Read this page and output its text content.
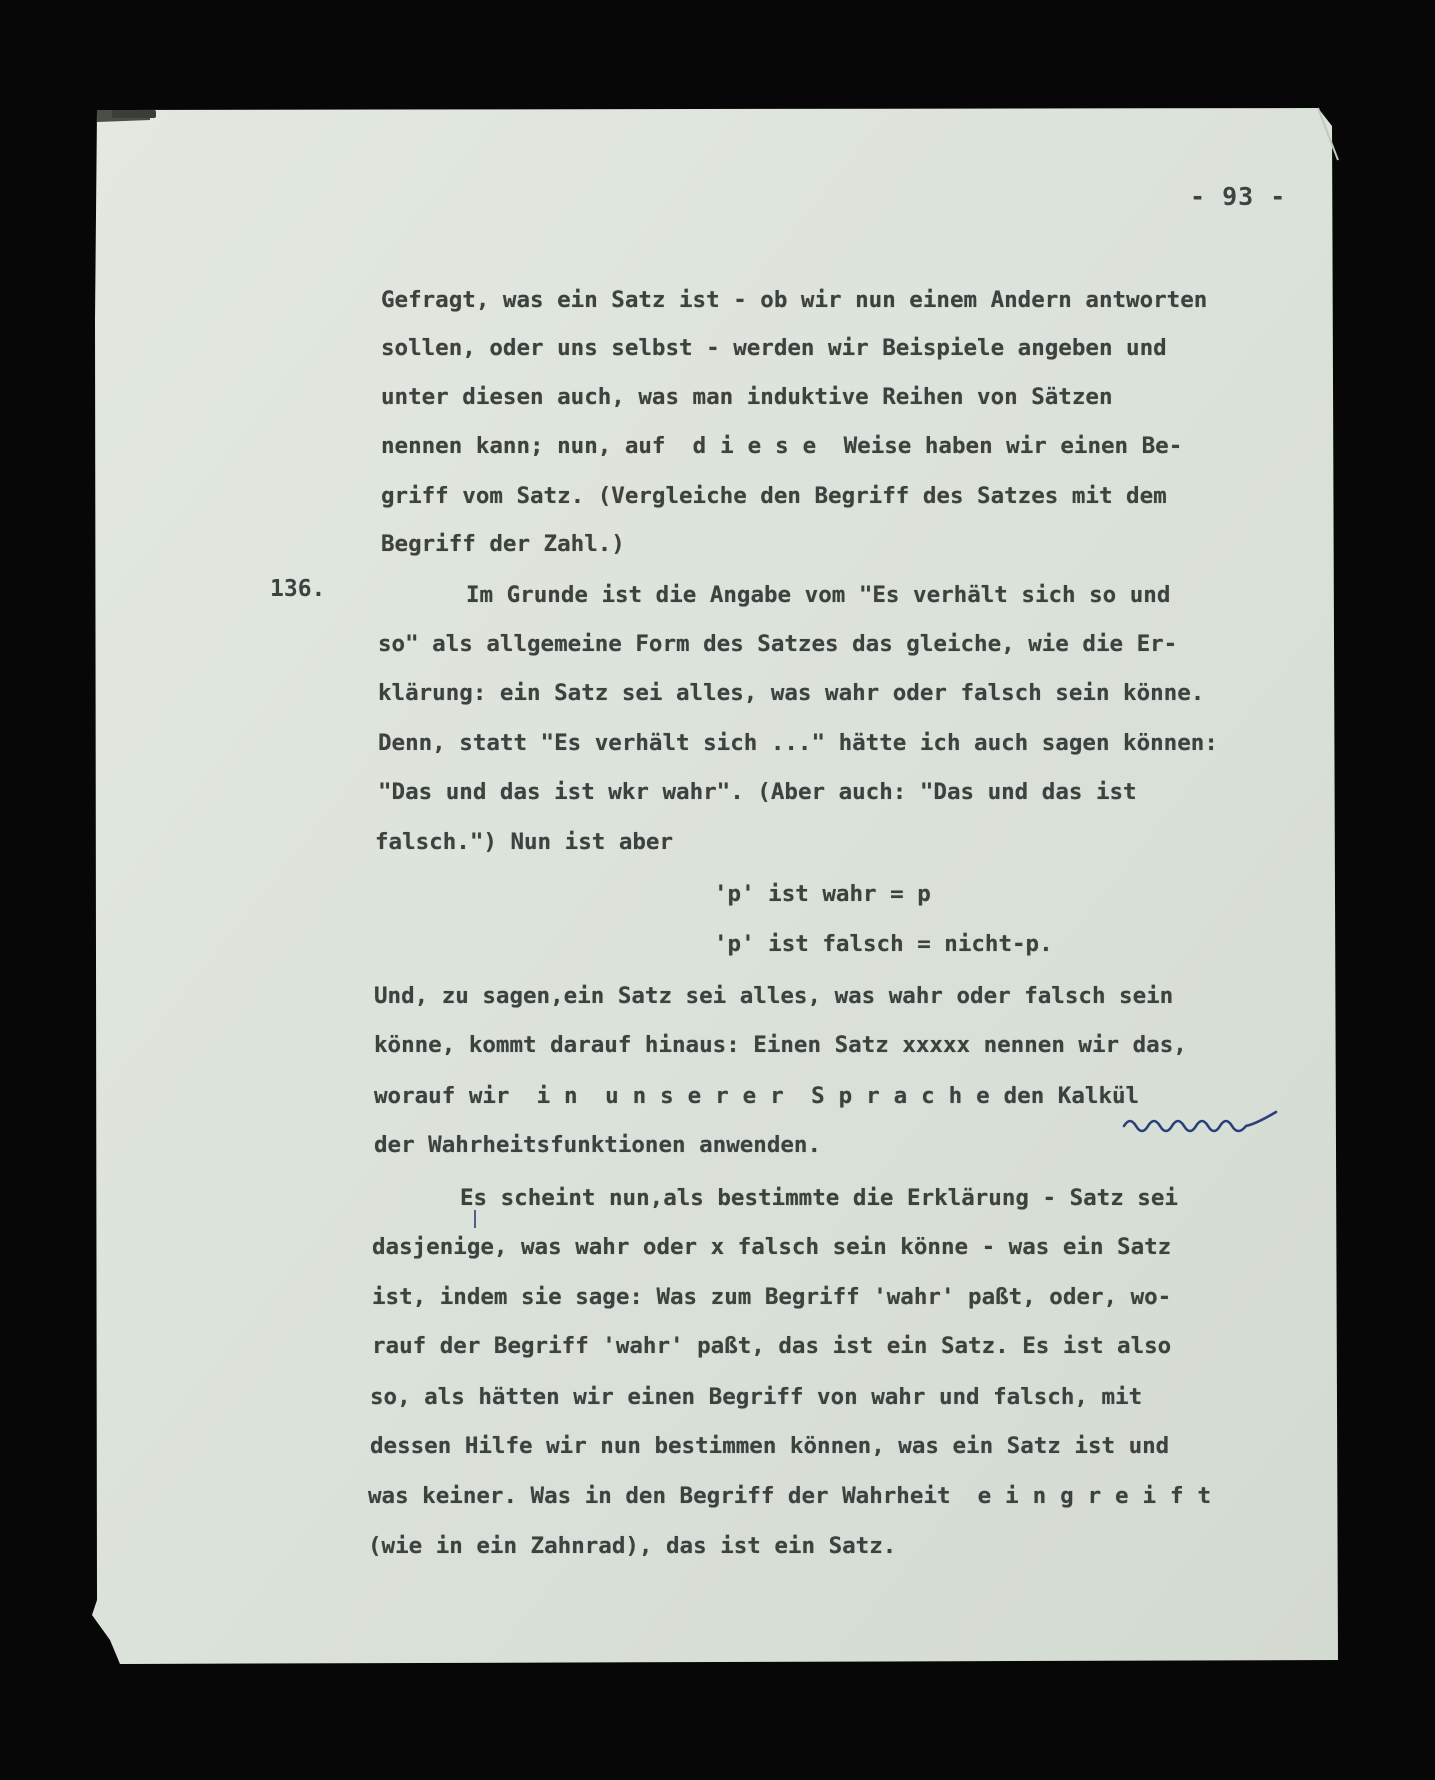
- 93 -

Gefragt, was ein Satz ist - ob wir nun einem Andern antworten

sollen, oder uns selbst - werden wir Beispiele angeben und

unter diesen auch, was man induktive Reihen von Sätzen

nennen kann; nun, auf diese Weise haben wir einen Be-

griff vom Satz. (Vergleiche den Begriff des Satzes mit dem

Begriff der Zahl.)

136.	Im Grunde ist die Angabe vom "Es verhält sich so und

so" als allgemeine Form des Satzes das gleiche, wie die Er-

klärung: ein Satz sei alles, was wahr oder falsch sein könne.

Denn, statt "Es verhält sich ..." hätte ich auch sagen können:

"Das und das ist wkr wahr". (Aber auch: "Das und das ist

falsch.") Nun ist aber

'p' ist wahr = p

'p' ist falsch = nicht-p.

Und, zu sagen,ein Satz sei alles, was wahr oder falsch sein

könne, kommt darauf hinaus: Einen Satz xxxxx nennen wir das,

worauf wir in unserer Spracheden Kalkül

der Wahrheitsfunktionen anwenden.

Es scheint nun,als bestimmte die Erklärung - Satz sei

dasjenige, was wahr oder x falsch sein könne - was ein Satz

ist, indem sie sage: Was zum Begriff 'wahr' paßt, oder, wo-

rauf der Begriff 'wahr' paßt, das ist ein Satz. Es ist also

so, als hätten wir einen Begriff von wahr und falsch, mit

dessen Hilfe wir nun bestimmen können, was ein Satz ist und

was keiner. Was in den Begriff der Wahrheit eingreift

(wie in ein Zahnrad), das ist ein Satz.
